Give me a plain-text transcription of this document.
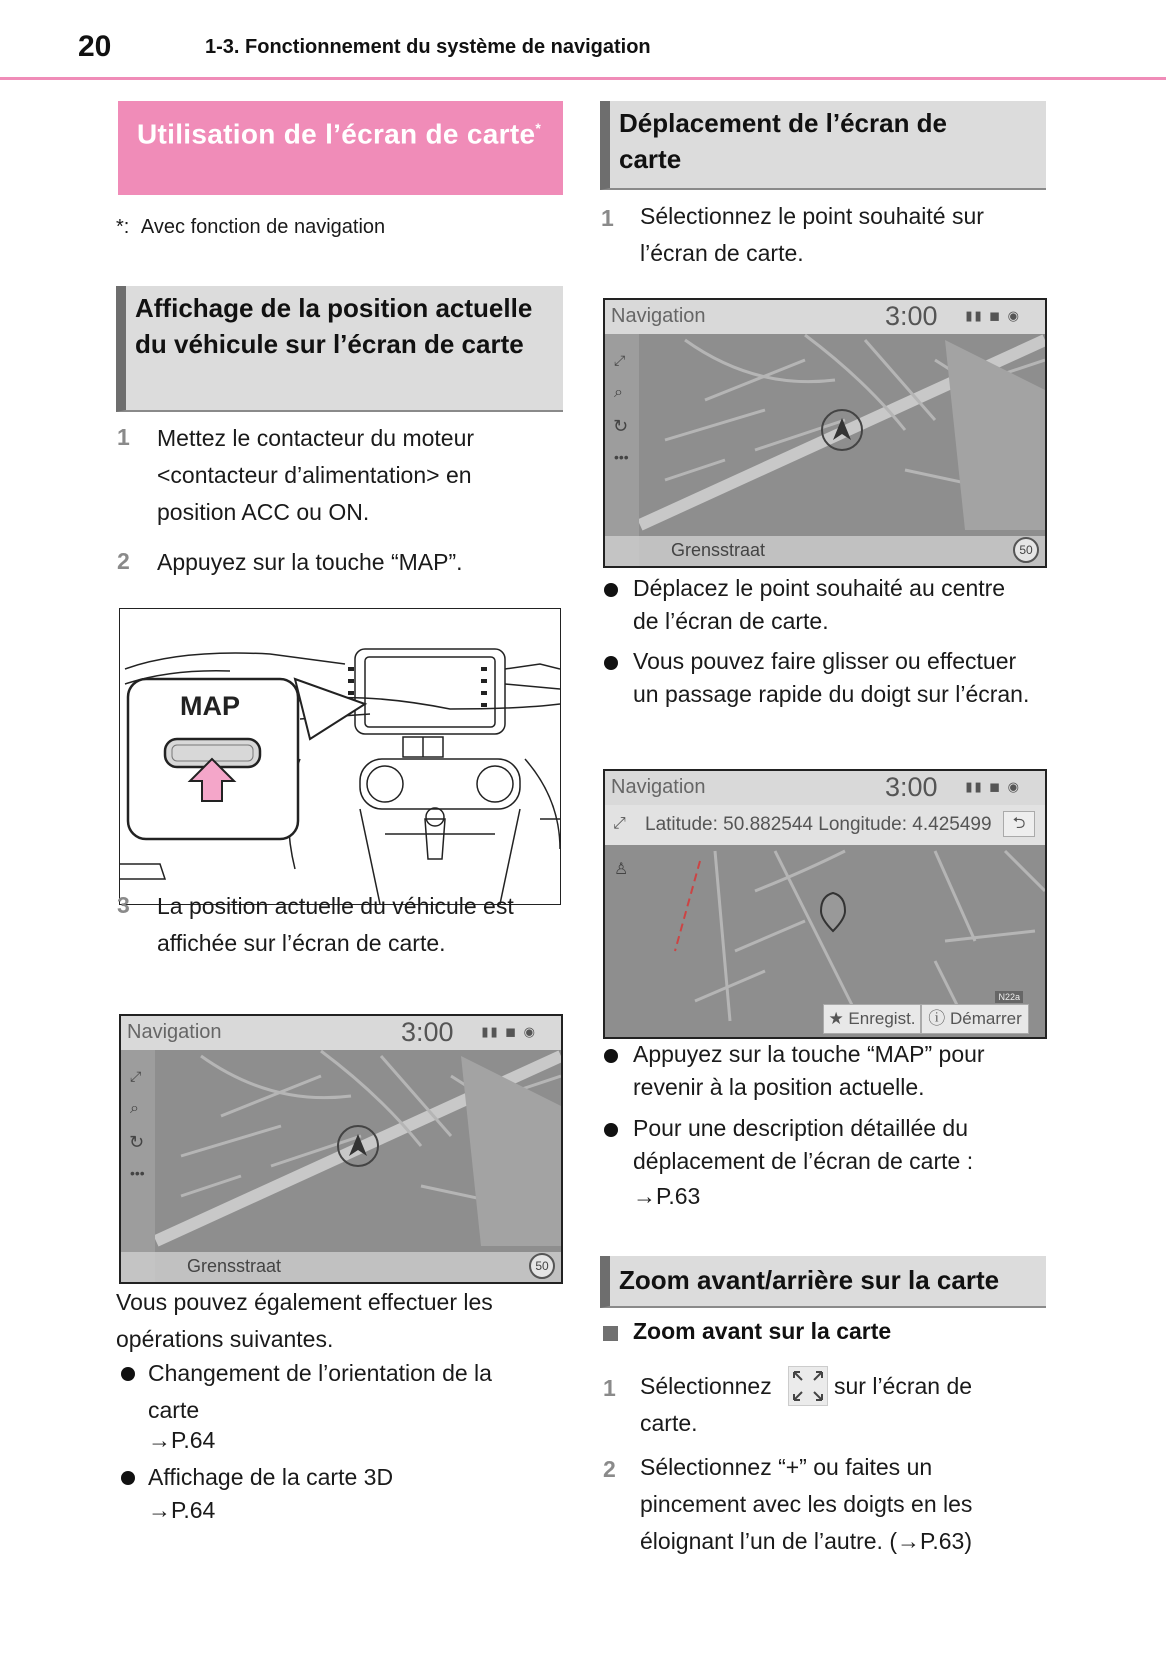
20	1-3. Fonctionnement du système de navigation
Utilisation de l’écran de carte*
*: Avec fonction de navigation
Affichage de la position actuelle du véhicule sur l’écran de carte
1 Mettez le contacteur du moteur <contacteur d’alimentation> en position ACC ou ON.
2 Appuyez sur la touche “MAP”.
MAP
3 La position actuelle du véhicule est affichée sur l’écran de carte.
Navigation	3:00 ▮▮ ◼ ◉
⤢
⌕
↻
•••
Grensstraat	50
Vous pouvez également effectuer les opérations suivantes.
Changement de l’orientation de la carte
→P.64
Affichage de la carte 3D
→P.64
Déplacement de l’écran de carte
1 Sélectionnez le point souhaité sur l’écran de carte.
Navigation	3:00 ▮▮ ◼ ◉
⤢
⌕
↻
•••
Grensstraat	50
Déplacez le point souhaité au centre de l’écran de carte.
Vous pouvez faire glisser ou effectuer un passage rapide du doigt sur l’écran.
Navigation	3:00 ▮▮ ◼ ◉
⤢ Latitude: 50.882544 Longitude: 4.425499	⮌
♙
★ Enregist. ⓘ Démarrer
N22a
Appuyez sur la touche “MAP” pour revenir à la position actuelle.
Pour une description détaillée du déplacement de l’écran de carte :
→P.63
Zoom avant/arrière sur la carte
Zoom avant sur la carte
1 Sélectionnez	sur l’écran de
carte.
2 Sélectionnez “+” ou faites un pincement avec les doigts en les éloignant l’un de l’autre. (→P.63)
